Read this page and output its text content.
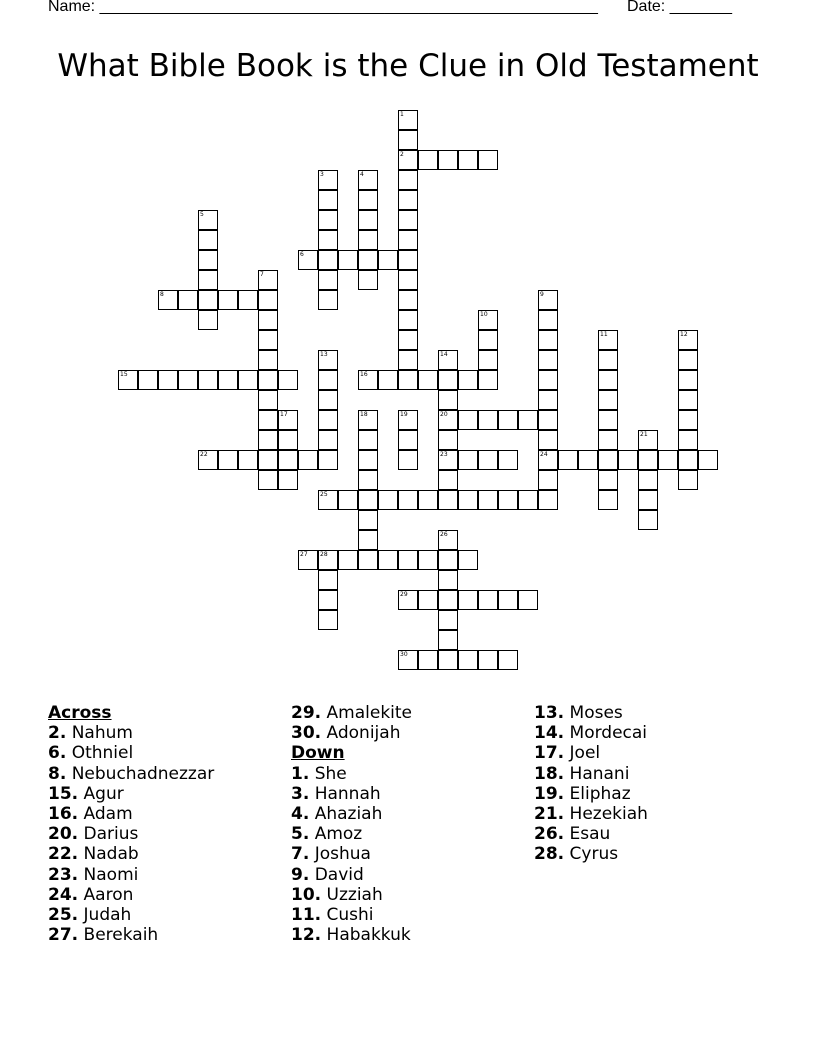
Name: ________________________________________________________ Date: _______
What Bible Book is the Clue in Old Testament
1
2
3	4
5
6
7
8	9
24
10
11	12
13	14
20
23
15	16
17	18	19
21
22
25
26
27 28
29
30
Across
2. Nahum
6. Othniel
8. Nebuchadnezzar
15. Agur
16. Adam
20. Darius
22. Nadab
23. Naomi
24. Aaron
25. Judah
27. Berekaih
29. Amalekite
30. Adonijah
Down
1. She
3. Hannah
4. Ahaziah
5. Amoz
7. Joshua
9. David
10. Uzziah
11. Cushi
12. Habakkuk
13. Moses
14. Mordecai
17. Joel
18. Hanani
19. Eliphaz
21. Hezekiah
26. Esau
28. Cyrus
